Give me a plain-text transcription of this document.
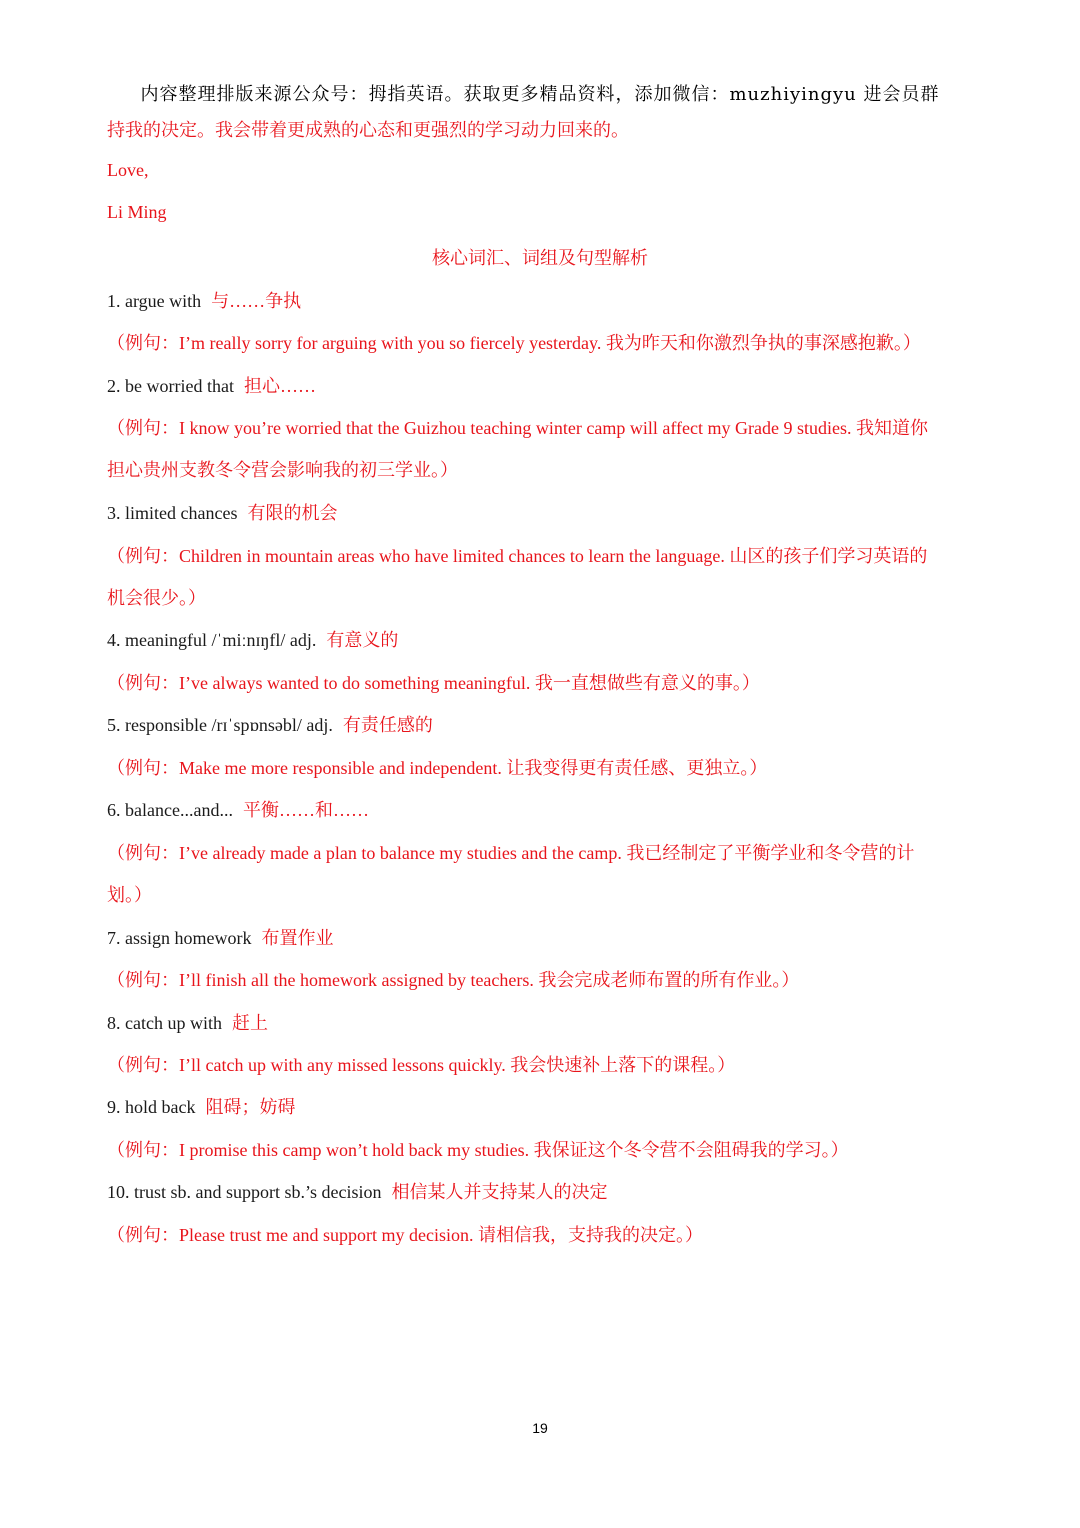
内容整理排版来源公众号：拇指英语。获取更多精品资料，添加微信：muzhiyingyu 进会员群
持我的决定。我会带着更成熟的心态和更强烈的学习动力回来的。
Love,
Li Ming
核心词汇、词组及句型解析
1. argue with 与……争执
（例句：I’m really sorry for arguing with you so fiercely yesterday. 我为昨天和你激烈争执的事深感抱歉。）
2. be worried that 担心……
（例句：I know you’re worried that the Guizhou teaching winter camp will affect my Grade 9 studies. 我知道你
担心贵州支教冬令营会影响我的初三学业。）
3. limited chances 有限的机会
（例句：Children in mountain areas who have limited chances to learn the language. 山区的孩子们学习英语的
机会很少。）
4. meaningful /ˈmiːnɪŋfl/ adj. 有意义的
（例句：I’ve always wanted to do something meaningful. 我一直想做些有意义的事。）
5. responsible /rɪˈspɒnsəbl/ adj. 有责任感的
（例句：Make me more responsible and independent. 让我变得更有责任感、更独立。）
6. balance...and... 平衡……和……
（例句：I’ve already made a plan to balance my studies and the camp. 我已经制定了平衡学业和冬令营的计
划。）
7. assign homework 布置作业
（例句：I’ll finish all the homework assigned by teachers. 我会完成老师布置的所有作业。）
8. catch up with 赶上
（例句：I’ll catch up with any missed lessons quickly. 我会快速补上落下的课程。）
9. hold back 阻碍；妨碍
（例句：I promise this camp won’t hold back my studies. 我保证这个冬令营不会阻碍我的学习。）
10. trust sb. and support sb.’s decision 相信某人并支持某人的决定
（例句：Please trust me and support my decision. 请相信我，支持我的决定。）
19
